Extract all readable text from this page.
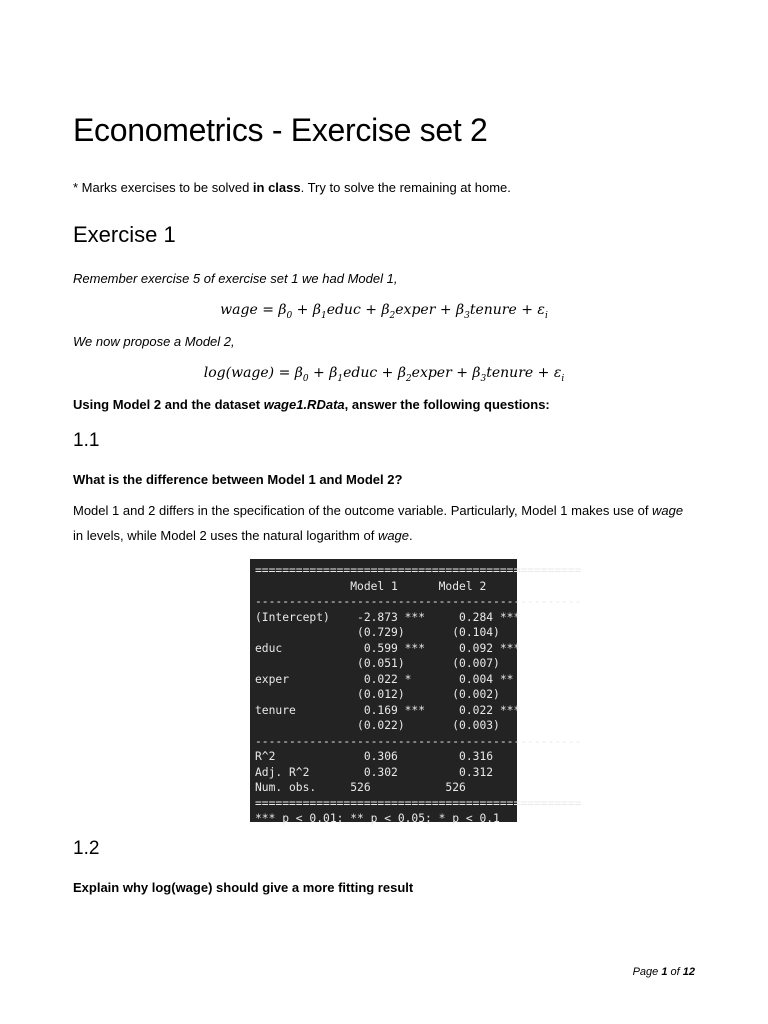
Econometrics - Exercise set 2
* Marks exercises to be solved in class. Try to solve the remaining at home.
Exercise 1
Remember exercise 5 of exercise set 1 we had Model 1,
wage = $\beta_0$ + $\beta_1educ$ + $\beta_2exper$ + $\beta_3tenure + \varepsilon_i$
We now propose a Model 2,
log(wage) = $\beta_0$ + $\beta_1educ$ + $\beta_2exper$ + $\beta_3tenure + \varepsilon_i$
Using Model 2 and the dataset wage1.RData, answer the following questions:
1.1
What is the difference between Model 1 and Model 2?
Model 1 and 2 differs in the specification of the outcome variable. Particularly, Model 1 makes use of wage
in levels, while Model 2 uses the natural logarithm of wage.
================================================
Model 1      Model 2
------------------------------------------------
(Intercept)    -2.873 ***     0.284 ***
(0.729)       (0.104)
educ            0.599 ***     0.092 ***
(0.051)       (0.007)
exper           0.022 *       0.004 **
(0.012)       (0.002)
tenure          0.169 ***     0.022 ***
(0.022)       (0.003)
------------------------------------------------
R^2             0.306         0.316
Adj. R^2        0.302         0.312
Num. obs.     526           526
================================================
*** p < 0.01; ** p < 0.05; * p < 0.1
1.2
Explain why log(wage) should give a more fitting result
Page 1 of 12
